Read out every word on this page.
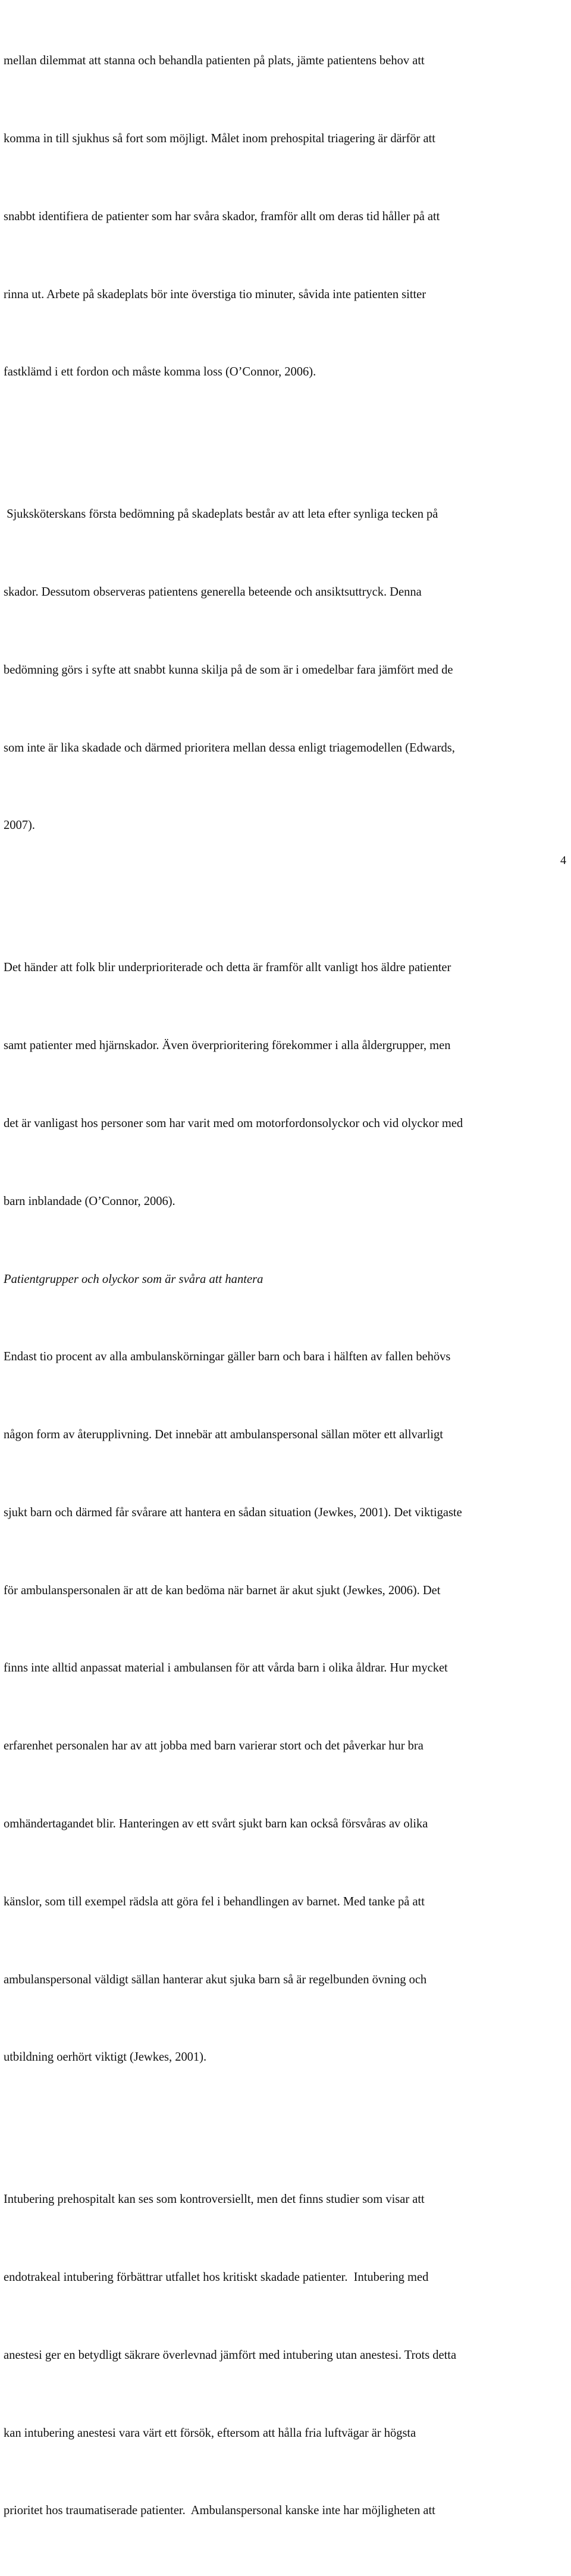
mellan dilemmat att stanna och behandla patienten på plats, jämte patientens behov att

komma in till sjukhus så fort som möjligt. Målet inom prehospital triagering är därför att

snabbt identifiera de patienter som har svåra skador, framför allt om deras tid håller på att

rinna ut. Arbete på skadeplats bör inte överstiga tio minuter, såvida inte patienten sitter

fastklämd i ett fordon och måste komma loss (O’Connor, 2006).

Sjuksköterskans första bedömning på skadeplats består av att leta efter synliga tecken på

skador. Dessutom observeras patientens generella beteende och ansiktsuttryck. Denna

bedömning görs i syfte att snabbt kunna skilja på de som är i omedelbar fara jämfört med de

som inte är lika skadade och därmed prioritera mellan dessa enligt triagemodellen (Edwards,

2007).

Det händer att folk blir underprioriterade och detta är framför allt vanligt hos äldre patienter

samt patienter med hjärnskador. Även överprioritering förekommer i alla åldergrupper, men

det är vanligast hos personer som har varit med om motorfordonsolyckor och vid olyckor med

barn inblandade (O’Connor, 2006).

Patientgrupper och olyckor som är svåra att hantera

Endast tio procent av alla ambulanskörningar gäller barn och bara i hälften av fallen behövs

någon form av återupplivning. Det innebär att ambulanspersonal sällan möter ett allvarligt

sjukt barn och därmed får svårare att hantera en sådan situation (Jewkes, 2001). Det viktigaste

för ambulanspersonalen är att de kan bedöma när barnet är akut sjukt (Jewkes, 2006). Det

finns inte alltid anpassat material i ambulansen för att vårda barn i olika åldrar. Hur mycket

erfarenhet personalen har av att jobba med barn varierar stort och det påverkar hur bra

omhändertagandet blir. Hanteringen av ett svårt sjukt barn kan också försvåras av olika

känslor, som till exempel rädsla att göra fel i behandlingen av barnet. Med tanke på att

ambulanspersonal väldigt sällan hanterar akut sjuka barn så är regelbunden övning och

utbildning oerhört viktigt (Jewkes, 2001).

Intubering prehospitalt kan ses som kontroversiellt, men det finns studier som visar att

endotrakeal intubering förbättrar utfallet hos kritiskt skadade patienter.  Intubering med

anestesi ger en betydligt säkrare överlevnad jämfört med intubering utan anestesi. Trots detta

kan intubering anestesi vara värt ett försök, eftersom att hålla fria luftvägar är högsta

prioritet hos traumatiserade patienter.  Ambulanspersonal kanske inte har möjligheten att

4
